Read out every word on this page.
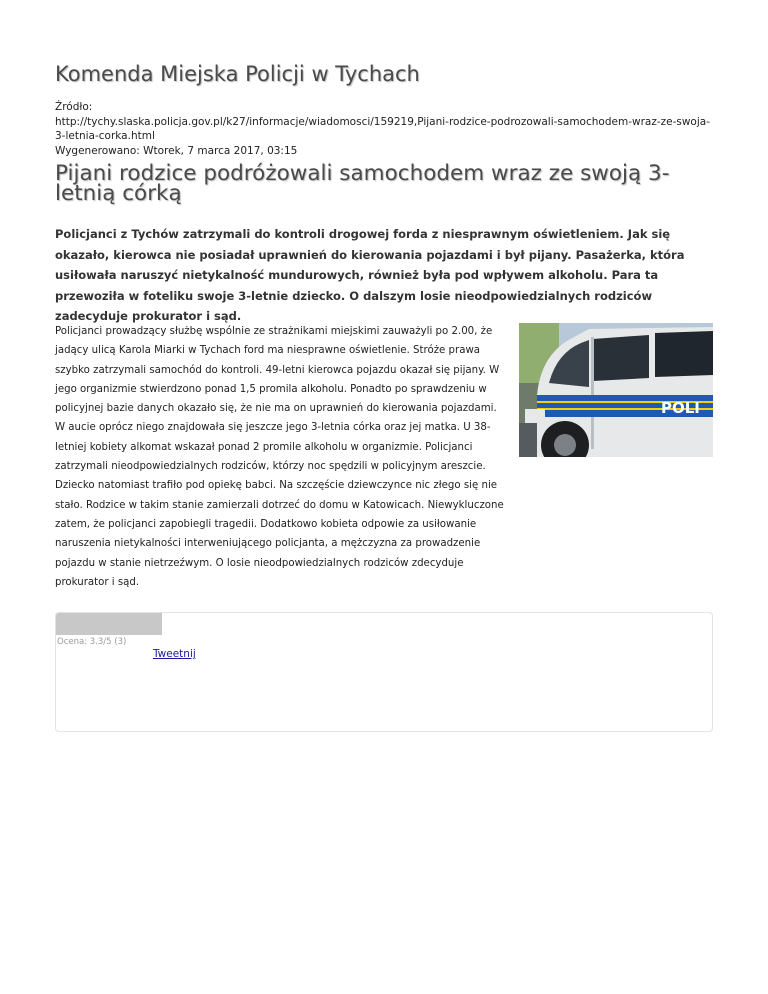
Komenda Miejska Policji w Tychach
Źródło:
http://tychy.slaska.policja.gov.pl/k27/informacje/wiadomosci/159219,Pijani-rodzice-podrozowali-samochodem-wraz-ze-swoja-3-letnia-corka.html
Wygenerowano: Wtorek, 7 marca 2017, 03:15
Pijani rodzice podróżowali samochodem wraz ze swoją 3-letnią córką

Policjanci z Tychów zatrzymali do kontroli drogowej forda z niesprawnym oświetleniem. Jak się okazało, kierowca nie posiadał uprawnień do kierowania pojazdami i był pijany. Pasażerka, która usiłowała naruszyć nietykalność mundurowych, również była pod wpływem alkoholu. Para ta przewoziła w foteliku swoje 3-letnie dziecko. O dalszym losie nieodpowiedzialnych rodziców zadecyduje prokurator i sąd.

Policjanci prowadzący służbę wspólnie ze strażnikami miejskimi zauważyli po 2.00, że jadący ulicą Karola Miarki w Tychach ford ma niesprawne oświetlenie. Stróże prawa szybko zatrzymali samochód do kontroli. 49-letni kierowca pojazdu okazał się pijany. W jego organizmie stwierdzono ponad 1,5 promila alkoholu. Ponadto po sprawdzeniu w policyjnej bazie danych okazało się, że nie ma on uprawnień do kierowania pojazdami. W aucie oprócz niego znajdowała się jeszcze jego 3-letnia córka oraz jej matka. U 38-letniej kobiety alkomat wskazał ponad 2 promile alkoholu w organizmie. Policjanci zatrzymali nieodpowiedzialnych rodziców, którzy noc spędzili w policyjnym areszcie. Dziecko natomiast trafiło pod opiekę babci. Na szczęście dziewczynce nic złego się nie stało. Rodzice w takim stanie zamierzali dotrzeć do domu w Katowicach. Niewykluczone zatem, że policjanci zapobiegli tragedii. Dodatkowo kobieta odpowie za usiłowanie naruszenia nietykalności interweniującego policjanta, a mężczyzna za prowadzenie pojazdu w stanie nietrzeźwym. O losie nieodpowiedzialnych rodziców zdecyduje prokurator i sąd.

POLI
Ocena: 3.3/5 (3)
Tweetnij
